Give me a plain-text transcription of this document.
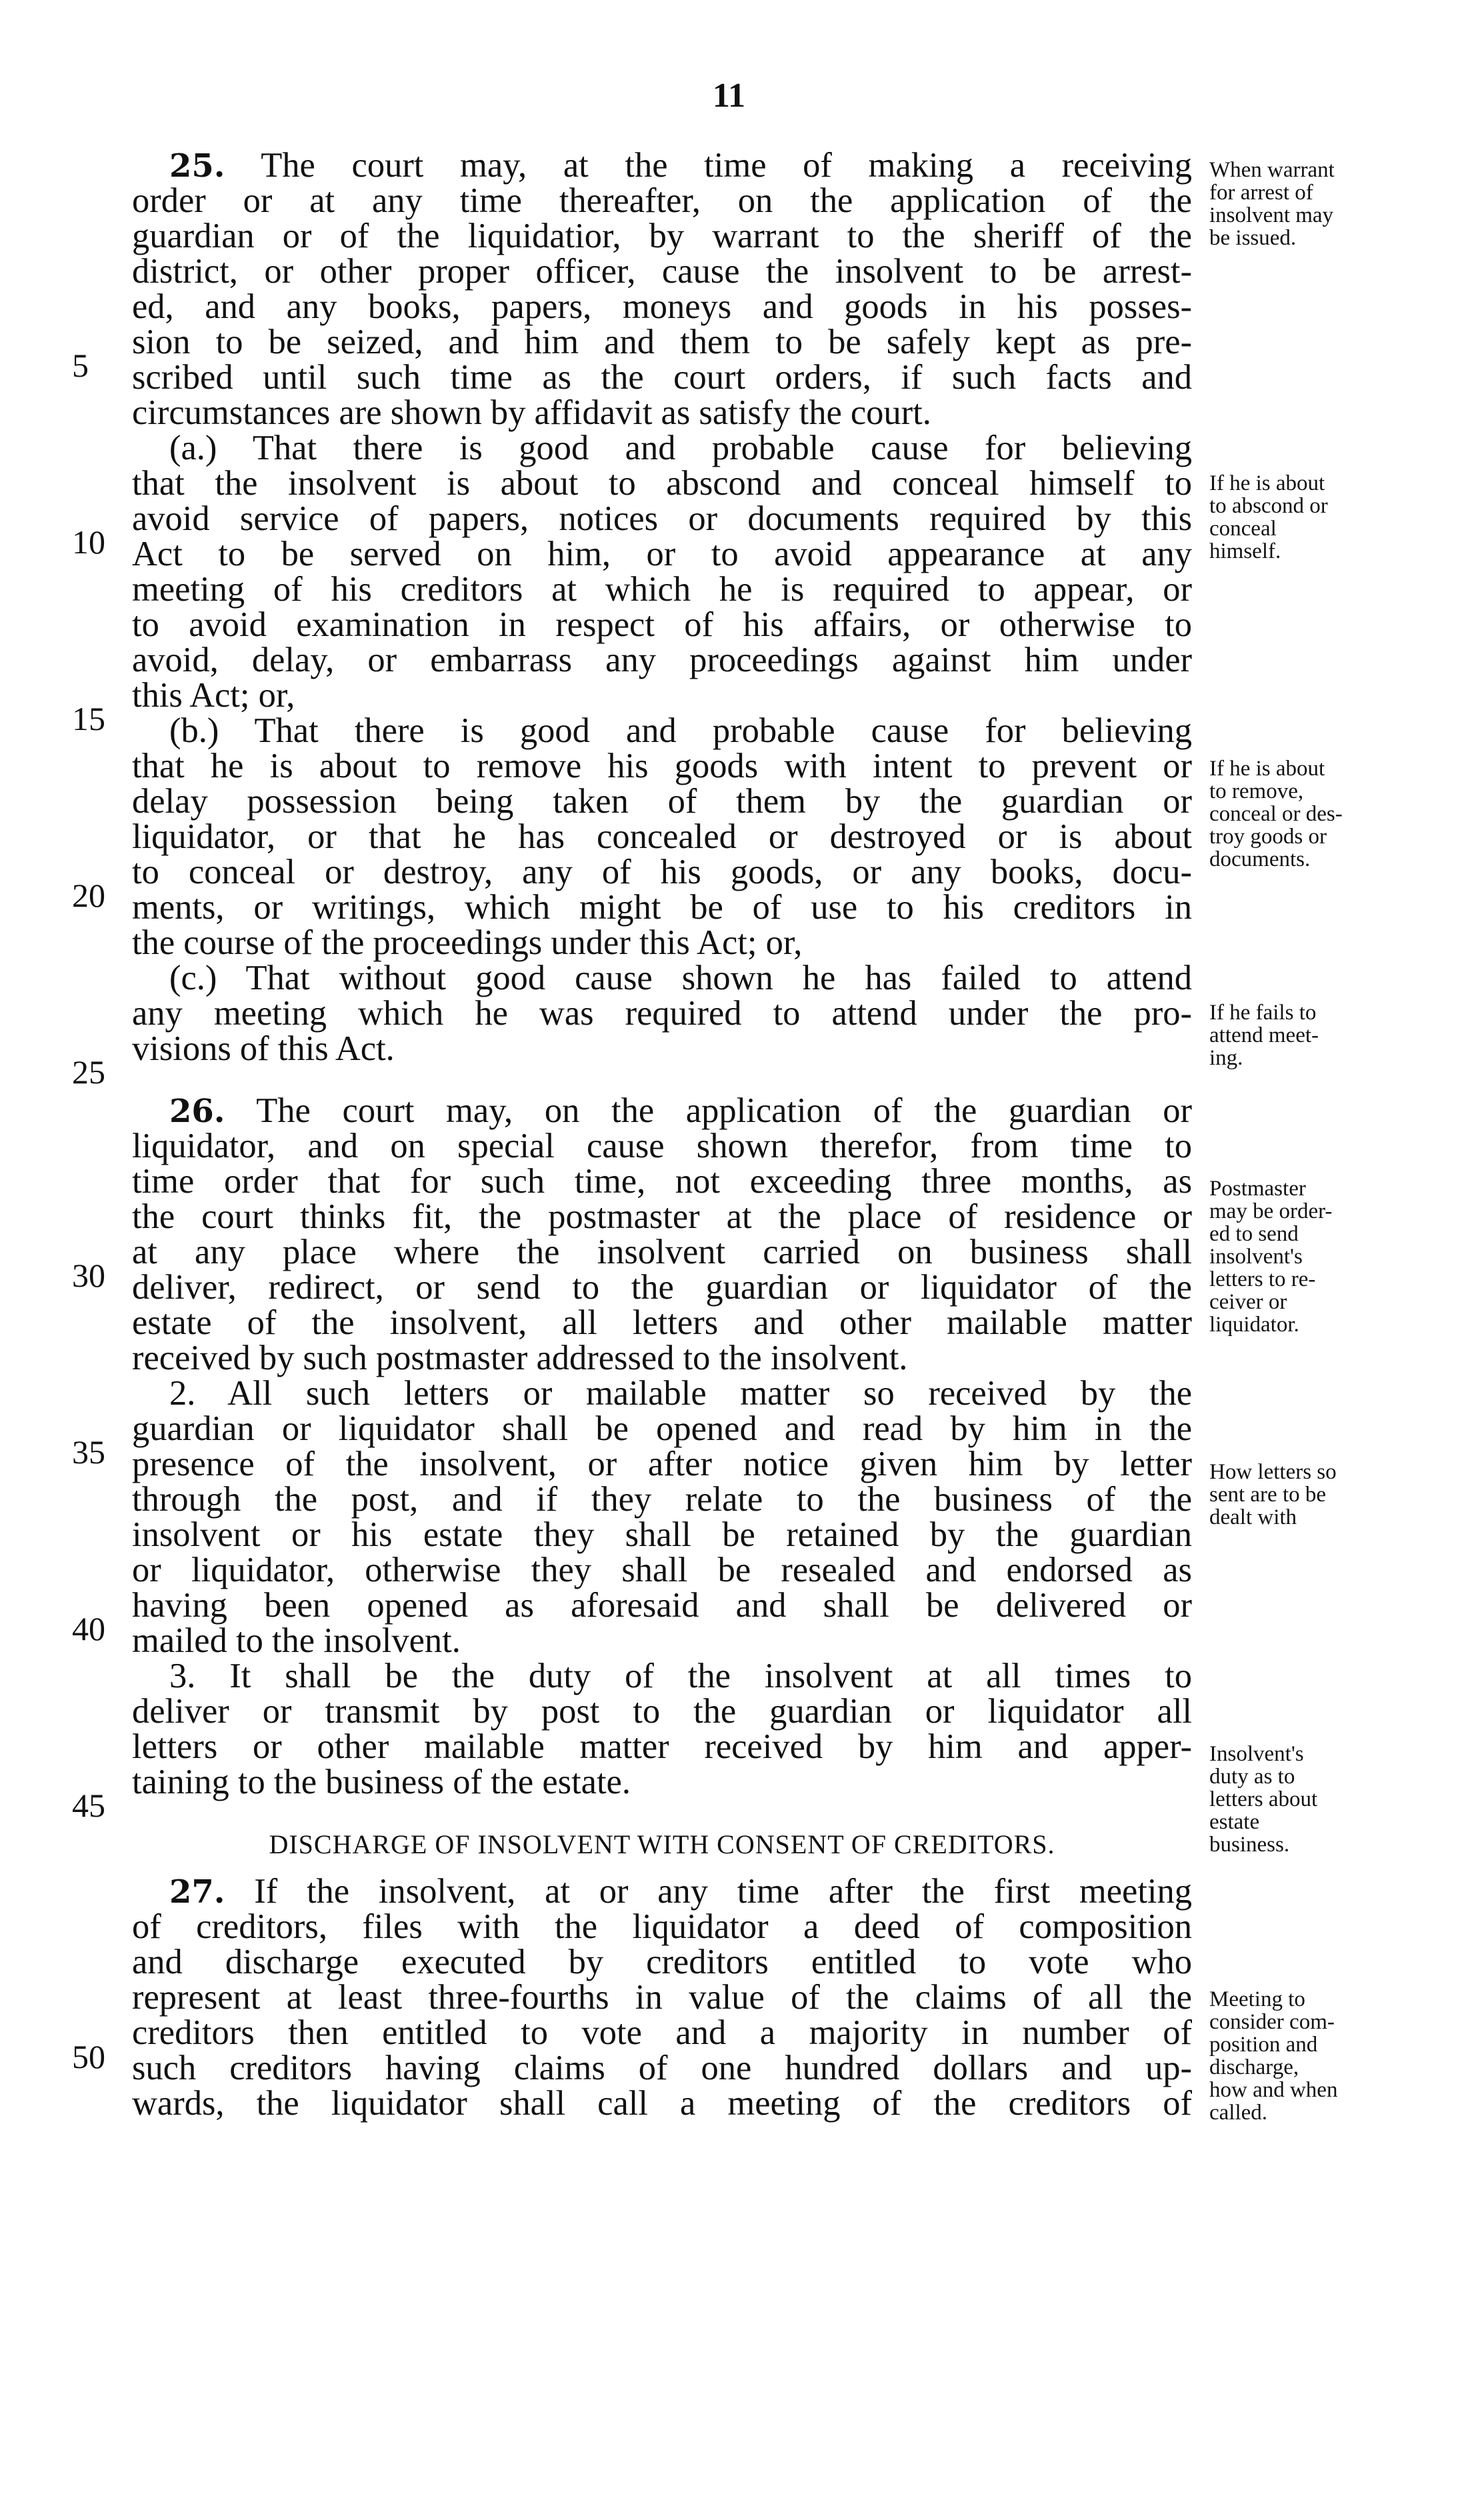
11
25. The court may, at the time of making a receiving
order or at any time thereafter, on the application of the
guardian or of the liquidatior, by warrant to the sheriff of the
district, or other proper officer, cause the insolvent to be arrest-
ed, and any books, papers, moneys and goods in his posses-
sion to be seized, and him and them to be safely kept as pre-
scribed until such time as the court orders, if such facts and
circumstances are shown by affidavit as satisfy the court.
(a.) That there is good and probable cause for believing
that the insolvent is about to abscond and conceal himself to
avoid service of papers, notices or documents required by this
Act to be served on him, or to avoid appearance at any
meeting of his creditors at which he is required to appear, or
to avoid examination in respect of his affairs, or otherwise to
avoid, delay, or embarrass any proceedings against him under
this Act; or,
(b.) That there is good and probable cause for believing
that he is about to remove his goods with intent to prevent or
delay possession being taken of them by the guardian or
liquidator, or that he has concealed or destroyed or is about
to conceal or destroy, any of his goods, or any books, docu-
ments, or writings, which might be of use to his creditors in
the course of the proceedings under this Act; or,
(c.) That without good cause shown he has failed to attend
any meeting which he was required to attend under the pro-
visions of this Act.
26. The court may, on the application of the guardian or
liquidator, and on special cause shown therefor, from time to
time order that for such time, not exceeding three months, as
the court thinks fit, the postmaster at the place of residence or
at any place where the insolvent carried on business shall
deliver, redirect, or send to the guardian or liquidator of the
estate of the insolvent, all letters and other mailable matter
received by such postmaster addressed to the insolvent.
2. All such letters or mailable matter so received by the
guardian or liquidator shall be opened and read by him in the
presence of the insolvent, or after notice given him by letter
through the post, and if they relate to the business of the
insolvent or his estate they shall be retained by the guardian
or liquidator, otherwise they shall be resealed and endorsed as
having been opened as aforesaid and shall be delivered or
mailed to the insolvent.
3. It shall be the duty of the insolvent at all times to
deliver or transmit by post to the guardian or liquidator all
letters or other mailable matter received by him and apper-
taining to the business of the estate.
DISCHARGE OF INSOLVENT WITH CONSENT OF CREDITORS.
27. If the insolvent, at or any time after the first meeting
of creditors, files with the liquidator a deed of composition
and discharge executed by creditors entitled to vote who
represent at least three-fourths in value of the claims of all the
creditors then entitled to vote and a majority in number of
such creditors having claims of one hundred dollars and up-
wards, the liquidator shall call a meeting of the creditors of
5
10
15
20
25
30
35
40
45
50
When warrant
for arrest of
insolvent may
be issued.
If he is about
to abscond or
conceal
himself.
If he is about
to remove,
conceal or des-
troy goods or
documents.
If he fails to
attend meet-
ing.
Postmaster
may be order-
ed to send
insolvent's
letters to re-
ceiver or
liquidator.
How letters so
sent are to be
dealt with
Insolvent's
duty as to
letters about
estate
business.
Meeting to
consider com-
position and
discharge,
how and when
called.
